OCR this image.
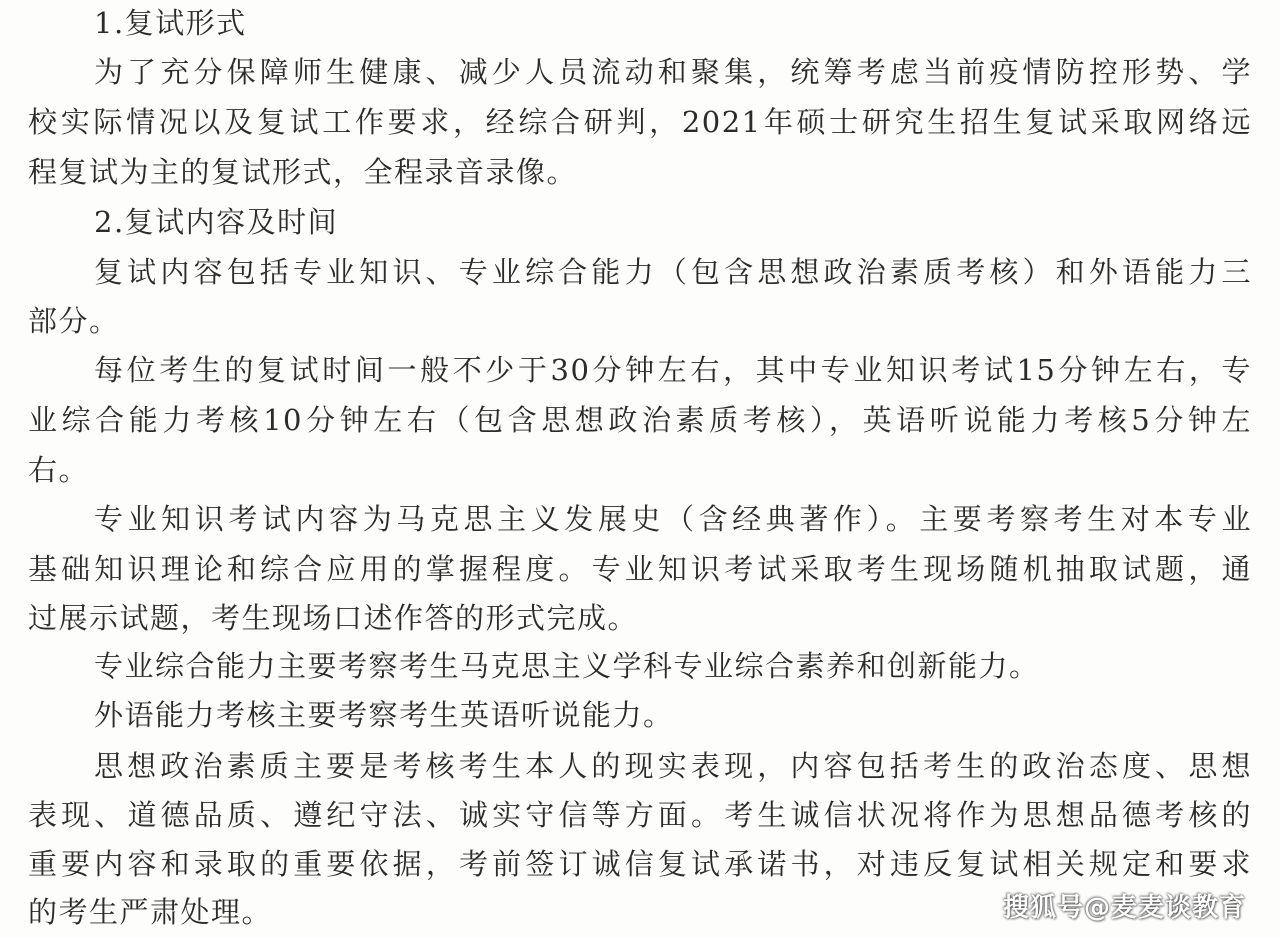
1.复试形式
为了充分保障师生健康、减少人员流动和聚集，统筹考虑当前疫情防控形势、学
校实际情况以及复试工作要求，经综合研判，2021年硕士研究生招生复试采取网络远
程复试为主的复试形式，全程录音录像。
2.复试内容及时间
复试内容包括专业知识、专业综合能力（包含思想政治素质考核）和外语能力三
部分。
每位考生的复试时间一般不少于30分钟左右，其中专业知识考试15分钟左右，专
业综合能力考核10分钟左右（包含思想政治素质考核），英语听说能力考核5分钟左
右。
专业知识考试内容为马克思主义发展史（含经典著作）。主要考察考生对本专业
基础知识理论和综合应用的掌握程度。专业知识考试采取考生现场随机抽取试题，通
过展示试题，考生现场口述作答的形式完成。
专业综合能力主要考察考生马克思主义学科专业综合素养和创新能力。
外语能力考核主要考察考生英语听说能力。
思想政治素质主要是考核考生本人的现实表现，内容包括考生的政治态度、思想
表现、道德品质、遵纪守法、诚实守信等方面。考生诚信状况将作为思想品德考核的
重要内容和录取的重要依据，考前签订诚信复试承诺书，对违反复试相关规定和要求
的考生严肃处理。	搜狐号@麦麦谈教育
